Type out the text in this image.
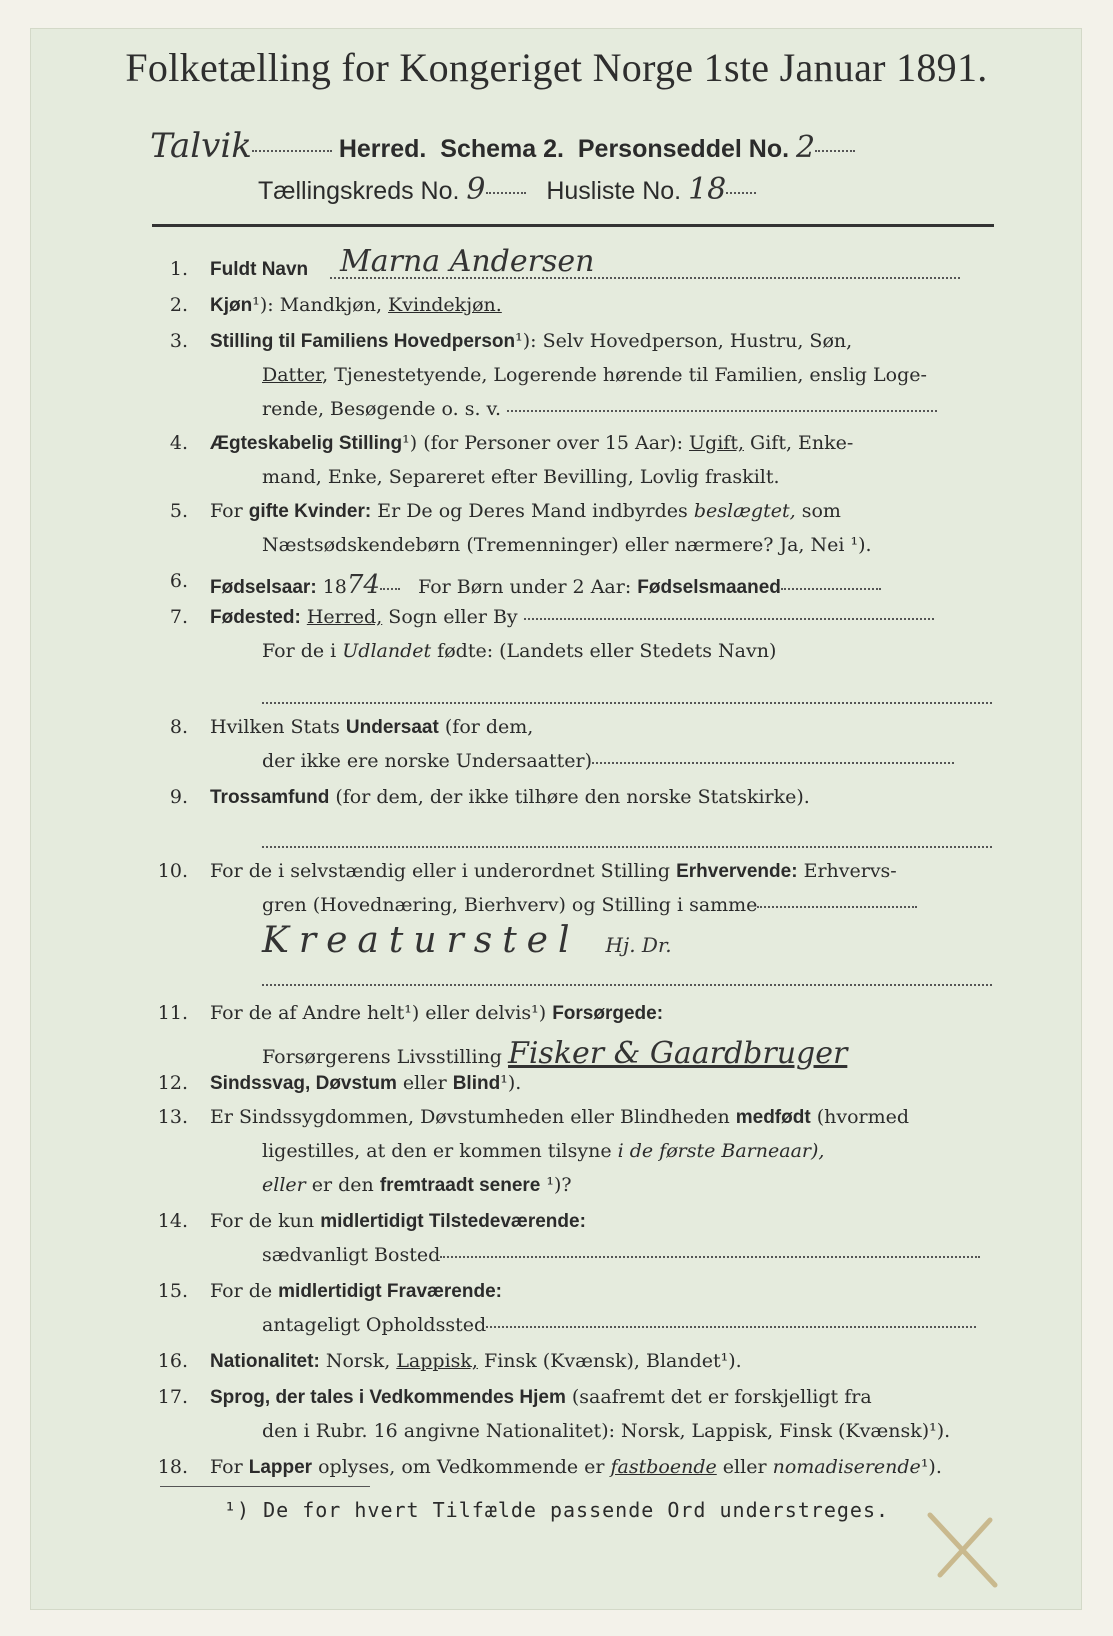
Folketælling for Kongeriget Norge 1ste Januar 1891.
Talvik	Herred. Schema 2. Personseddel No. 2
Tællingskreds No. 9 Husliste No. 18
1. Fuldt Navn Marna Andersen
2. Kjøn¹): Mandkjøn, Kvindekjøn.
3. Stilling til Familiens Hovedperson¹): Selv Hovedperson, Hustru, Søn,
Datter, Tjenestetyende, Logerende hørende til Familien, enslig Loge-
rende, Besøgende o. s. v.
4. Ægteskabelig Stilling¹) (for Personer over 15 Aar): Ugift, Gift, Enke-
mand, Enke, Separeret efter Bevilling, Lovlig fraskilt.
5. For gifte Kvinder: Er De og Deres Mand indbyrdes beslægtet, som
Næstsødskendebørn (Tremenninger) eller nærmere? Ja, Nei ¹).
6. Fødselsaar: 1874 For Børn under 2 Aar: Fødselsmaaned
7. Fødested: Herred, Sogn eller By
For de i Udlandet fødte: (Landets eller Stedets Navn)
8. Hvilken Stats Undersaat (for dem,
der ikke ere norske Undersaatter)
9. Trossamfund (for dem, der ikke tilhøre den norske Statskirke).
10. For de i selvstændig eller i underordnet Stilling Erhvervende: Erhvervs-
gren (Hovednæring, Bierhverv) og Stilling i samme
Kreaturstel Hj. Dr.
11. For de af Andre helt¹) eller delvis¹) Forsørgede:
Forsørgerens Livsstilling Fisker & Gaardbruger
12. Sindssvag, Døvstum eller Blind¹).
13. Er Sindssygdommen, Døvstumheden eller Blindheden medfødt (hvormed
ligestilles, at den er kommen tilsyne i de første Barneaar),
eller er den fremtraadt senere ¹)?
14. For de kun midlertidigt Tilstedeværende:
sædvanligt Bosted
15. For de midlertidigt Fraværende:
antageligt Opholdssted
16. Nationalitet: Norsk, Lappisk, Finsk (Kvænsk), Blandet¹).
17. Sprog, der tales i Vedkommendes Hjem (saafremt det er forskjelligt fra
den i Rubr. 16 angivne Nationalitet): Norsk, Lappisk, Finsk (Kvænsk)¹).
18. For Lapper oplyses, om Vedkommende er fastboende eller nomadiserende¹).
¹) De for hvert Tilfælde passende Ord understreges.
